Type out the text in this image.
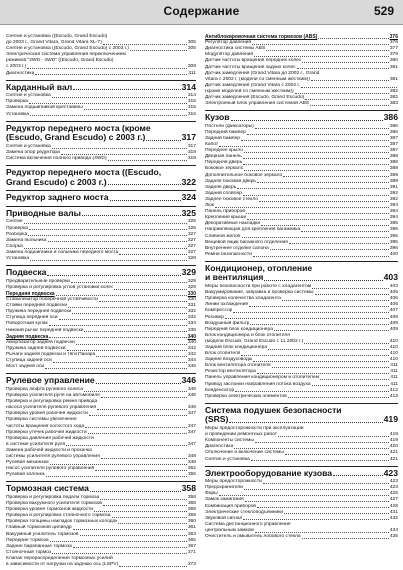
Содержание	529
Снятие и установка ((Escudo, Grand Escudo)
до 2003 г., Grand Vitara, Grand Vitara XL-7)	305
Снятие и установка ((Escudo, Grand Escudo) с 2003 г.)	306
Электрическая система управления переключением
режимов "2WD - 4WD" ((Escudo, Grand Escudo)
с 2003 г.)	308
Диагностика	311
Карданный вал	314
Снятие и установка	314
Проверка	315
Замена подшипников крестовины	315
Установка	316
Редуктор переднего моста (кроме
(Escudo, Grand Escudo) с 2003 г.)	317
Снятие и установка	317
Замена опор редуктора	318
Система включения полного привода (4WD)	319
Редуктор переднего моста ((Escudo,
Grand Escudo) с 2003 г.)	322
Редуктор заднего моста	324
Приводные валы	325
Снятие	325
Проверка	326
Разборка	327
Замена пыльника	327
Сборка	327
Замена подшипника и сальника переднего моста	327
Установка	328
Подвеска	329
Предварительные проверки	329
Проверка и регулировка углов установки колес	329
Передняя подвеска	330
Стабилизатор поперечной устойчивости	330
Стойки передней подвески	331
Пружина передней подвески	332
Ступица передней оси	332
Поворотный кулак	334
Нижний рычаг передней подвески	335
Задняя подвеска	340
Амортизатор задней подвески	340
Пружина задней подвески	342
Рычаги задней подвески и тяги Панара	342
Ступица задней оси	344
Мост задней оси	345
Рулевое управление	346
Проверка люфта рулевого колеса	346
Проверка усилителя руля на автомобиле	346
Проверка и регулировка ремня привода
насоса усилителя рулевого управления	346
Проверка уровня рабочей жидкости	347
Проверка системы увеличения
частоты вращения холостого хода	347
Проверка утечек рабочей жидкости	347
Проверка давления рабочей жидкости
в системе усилителя руля	347
Замена рабочей жидкости и прокачка
системы усилителя рулевого управления	348
Рулевая механизм	348
Насос усилителя рулевого управления	352
Рулевая колонка	355
Тормозная система	358
Проверка и регулировка педали тормоза	358
Проверка вакуумного усилителя тормозов	358
Проверка уровня тормозной жидкости	359
Проверка и регулировка стояночного тормоза	359
Проверка толщины накладок тормозных колодок	360
Главный тормозной цилиндр	361
Вакуумный усилитель тормозов	363
Передние тормоза	365
Задние барабанные тормоза	367
Стояночный тормоз	371
Клапан перераспределения тормозных усилий
в зависимости от нагрузки на заднюю ось (LSPV)	373
Антиблокировочная система тормозов (ABS)	376
Регулятор давления	376
Диагностика системы ABS	377
Модулятор давления	379
Датчик частоты вращения передних колес	380
Датчик частоты вращения задних колес	381
Датчик замедления (Grand Vitara до 2002 г., Grand
Vitara с 2002 г. (модели со сменным жестким))	381
Датчик замедления (Grand Vitara с 2002 г.
(кроме моделей со сменным жестким))	382
Датчик замедления (Escudo, Grand Escudo)	382
Электронный блок управления системой ABS	383
Кузов	386
Постели (фиксаторы)	386
Передний бампер	386
Задний бампер	387
Капот	387
Переднее крыло	387
Дверная панель	388
Передняя дверь	388
Боковое зеркало	389
Дополнительное боковое зеркало	389
Задняя боковая дверь	389
Задняя дверь	391
Задний спойлер	392
Заднее боковое стекло	392
Люк	394
Панель приборов	394
Крепление крыши	394
Декоративные накладки	395
Направляющая для крепления багажника	395
Сливной желоб	395
Вещевой ящик багажного отделения	395
Внутреннее отделке салона	396
Ремни безопасности	400
Кондиционер, отопление
и вентиляция	403
Меры безопасности при работе с хладагентом	403
Вакуумирование, заправка и проверка системы	405
Проверка количества хладагента	406
Линии охлаждения	406
Компрессор	407
Ресивер	408
Воздушный фильтр	408
Передний блок кондиционера	409
Блок кондиционера и блок отопителя
(модели Escudo, Grand Escudo с 11.2002 г.)	410
Задний блок кондиционера	410
Блок отопителя	410
Задние воздуховоды	410
Блок вентилятора отопителя	411
Резистор вентилятора	411
Панель управления кондиционером и отопителем	411
Привод заслонки направления потока воздуха	411
Конденсатор	412
Проверка электрических элементов	413
Система подушек безопасности
(SRS)	419
Меры предосторожности при эксплуатации
и проведении ремонтных работ	419
Компоненты системы	419
Диагностика	420
Отключение и включение системы	421
Снятие и установка	421
Электрооборудование кузова	423
Меры предосторожности	423
Предохранители	423
Фары	425
Замок зажигания	427
Комбинация приборов	428
Электрические стеклоподъемники	431
Звуковой сигнал	432
Система дистанционного управления
центральным замком	434
Очиститель и омыватель лобового стекла	435
